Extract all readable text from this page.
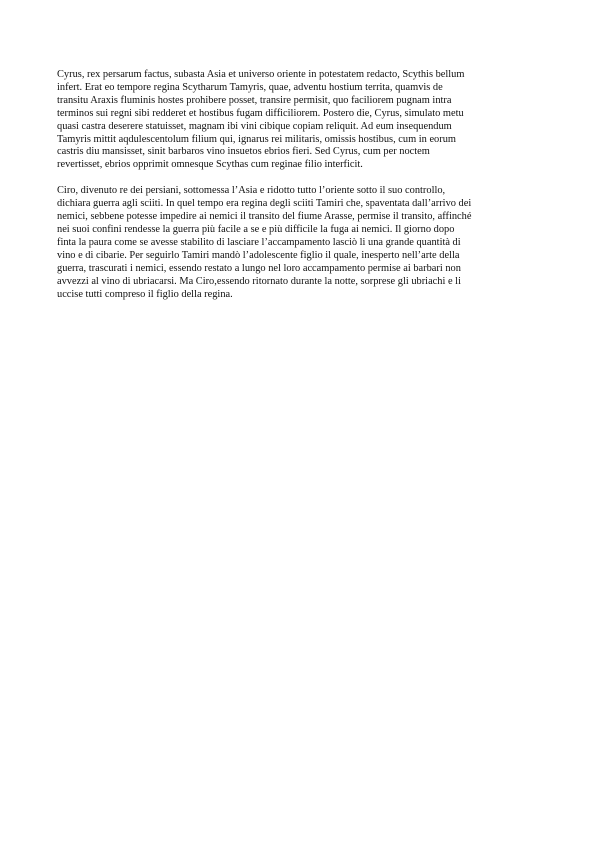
Cyrus, rex persarum factus, subasta Asia et universo oriente in potestatem redacto, Scythis bellum
infert. Erat eo tempore regina Scytharum Tamyris, quae, adventu hostium territa, quamvis de
transitu Araxis fluminis hostes prohibere posset, transire permisit, quo faciliorem pugnam intra
terminos sui regni sibi redderet et hostibus fugam difficiliorem. Postero die, Cyrus, simulato metu
quasi castra deserere statuisset, magnam ibi vini cibique copiam reliquit. Ad eum insequendum
Tamyris mittit aqdulescentolum filium qui, ignarus rei militaris, omissis hostibus, cum in eorum
castris diu mansisset, sinit barbaros vino insuetos ebrios fieri. Sed Cyrus, cum per noctem
revertisset, ebrios opprimit omnesque Scythas cum reginae filio interficit.

Ciro, divenuto re dei persiani, sottomessa l’Asia e ridotto tutto l’oriente sotto il suo controllo,
dichiara guerra agli sciiti. In quel tempo era regina degli sciiti Tamiri che, spaventata dall’arrivo dei
nemici, sebbene potesse impedire ai nemici il transito del fiume Arasse, permise il transito, affinché
nei suoi confini rendesse la guerra più facile a se e più difficile la fuga ai nemici. Il giorno dopo
finta la paura come se avesse stabilito di lasciare l’accampamento lasciò li una grande quantità di
vino e di cibarie. Per seguirlo Tamiri mandò l’adolescente figlio il quale, inesperto nell’arte della
guerra, trascurati i nemici, essendo restato a lungo nel loro accampamento permise ai barbari non
avvezzi al vino di ubriacarsi. Ma Ciro,essendo ritornato durante la notte, sorprese gli ubriachi e li
uccise tutti compreso il figlio della regina.
